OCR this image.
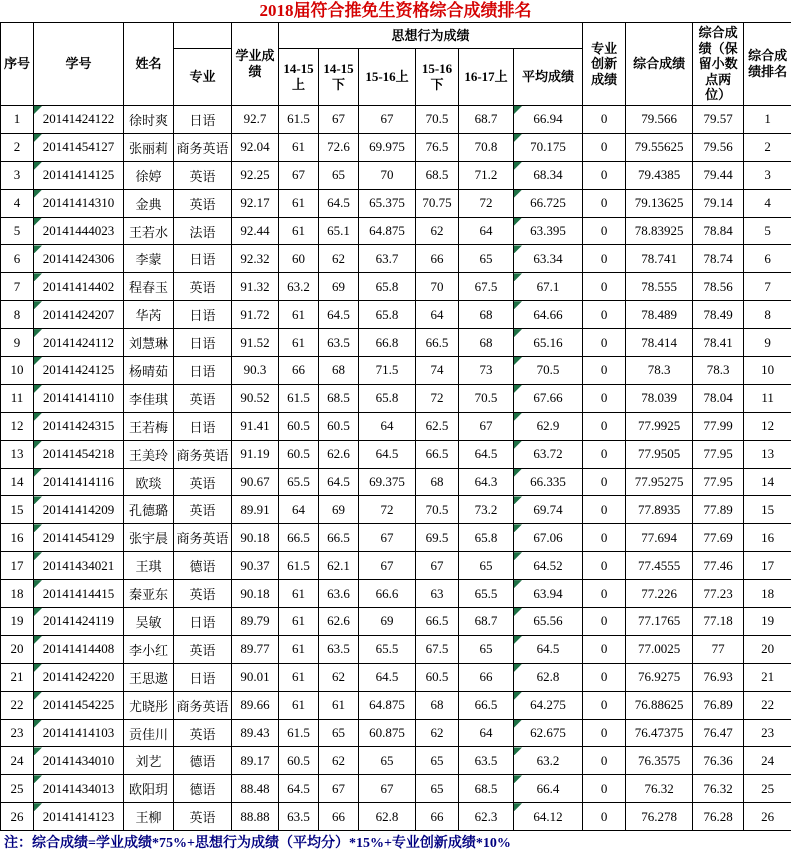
2018届符合推免生资格综合成绩排名
序号	学号	姓名		学业成绩	思想行为成绩						专业创新成绩	综合成绩	综合成绩（保留小数点两位）	综合成绩排名
			专业		14-15上	14-15下	15-16上	15-16下	16-17上	平均成绩				
1	20141424122	徐时爽	日语	92.7	61.5	67	67	70.5	68.7	66.94	0	79.566	79.57	1
2	20141454127	张丽莉	商务英语	92.04	61	72.6	69.975	76.5	70.8	70.175	0	79.55625	79.56	2
3	20141414125	徐婷	英语	92.25	67	65	70	68.5	71.2	68.34	0	79.4385	79.44	3
4	20141414310	金典	英语	92.17	61	64.5	65.375	70.75	72	66.725	0	79.13625	79.14	4
5	20141444023	王若水	法语	92.44	61	65.1	64.875	62	64	63.395	0	78.83925	78.84	5
6	20141424306	李蒙	日语	92.32	60	62	63.7	66	65	63.34	0	78.741	78.74	6
7	20141414402	程春玉	英语	91.32	63.2	69	65.8	70	67.5	67.1	0	78.555	78.56	7
8	20141424207	华芮	日语	91.72	61	64.5	65.8	64	68	64.66	0	78.489	78.49	8
9	20141424112	刘慧琳	日语	91.52	61	63.5	66.8	66.5	68	65.16	0	78.414	78.41	9
10	20141424125	杨晴茹	日语	90.3	66	68	71.5	74	73	70.5	0	78.3	78.3	10
11	20141414110	李佳琪	英语	90.52	61.5	68.5	65.8	72	70.5	67.66	0	78.039	78.04	11
12	20141424315	王若梅	日语	91.41	60.5	60.5	64	62.5	67	62.9	0	77.9925	77.99	12
13	20141454218	王美玲	商务英语	91.19	60.5	62.6	64.5	66.5	64.5	63.72	0	77.9505	77.95	13
14	20141414116	欧琰	英语	90.67	65.5	64.5	69.375	68	64.3	66.335	0	77.95275	77.95	14
15	20141414209	孔德璐	英语	89.91	64	69	72	70.5	73.2	69.74	0	77.8935	77.89	15
16	20141454129	张宇晨	商务英语	90.18	66.5	66.5	67	69.5	65.8	67.06	0	77.694	77.69	16
17	20141434021	王琪	德语	90.37	61.5	62.1	67	67	65	64.52	0	77.4555	77.46	17
18	20141414415	秦亚东	英语	90.18	61	63.6	66.6	63	65.5	63.94	0	77.226	77.23	18
19	20141424119	吴敏	日语	89.79	61	62.6	69	66.5	68.7	65.56	0	77.1765	77.18	19
20	20141414408	李小红	英语	89.77	61	63.5	65.5	67.5	65	64.5	0	77.0025	77	20
21	20141424220	王思遨	日语	90.01	61	62	64.5	60.5	66	62.8	0	76.9275	76.93	21
22	20141454225	尤晓彤	商务英语	89.66	61	61	64.875	68	66.5	64.275	0	76.88625	76.89	22
23	20141414103	贡佳川	英语	89.43	61.5	65	60.875	62	64	62.675	0	76.47375	76.47	23
24	20141434010	刘艺	德语	89.17	60.5	62	65	65	63.5	63.2	0	76.3575	76.36	24
25	20141434013	欧阳玥	德语	88.48	64.5	67	67	65	68.5	66.4	0	76.32	76.32	25
26	20141414123	王柳	英语	88.88	63.5	66	62.8	66	62.3	64.12	0	76.278	76.28	26
注：综合成绩=学业成绩*75%+思想行为成绩（平均分）*15%+专业创新成绩*10%
